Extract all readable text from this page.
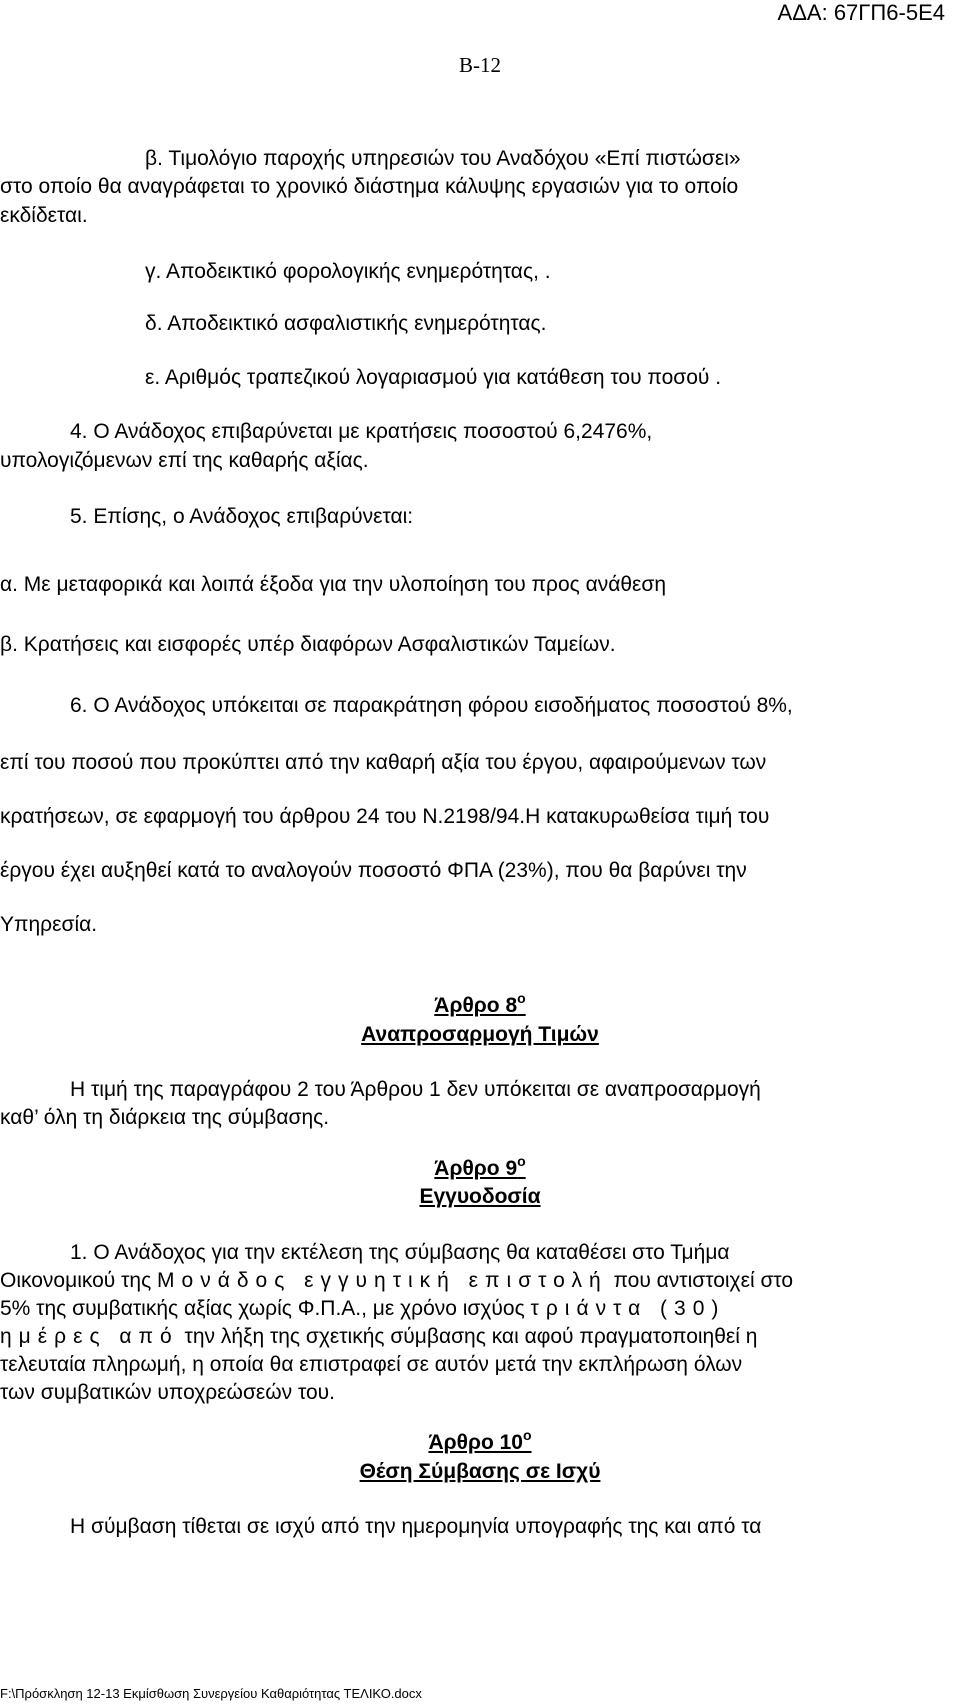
ΑΔΑ: 67ΓΠ6-5Ε4
Β-12
β. Τιμολόγιο παροχής υπηρεσιών του Αναδόχου «Επί πιστώσει»
στο οποίο θα αναγράφεται το χρονικό διάστημα κάλυψης εργασιών για το οποίο
εκδίδεται.
γ. Αποδεικτικό φορολογικής ενημερότητας, .
δ. Αποδεικτικό ασφαλιστικής ενημερότητας.
ε. Αριθμός τραπεζικού λογαριασμού για κατάθεση του ποσού .
4. Ο Ανάδοχος επιβαρύνεται με κρατήσεις ποσοστού 6,2476%,
υπολογιζόμενων επί της καθαρής αξίας.
5. Επίσης, ο Ανάδοχος επιβαρύνεται:
α. Με μεταφορικά και λοιπά έξοδα για την υλοποίηση του προς ανάθεση
β. Κρατήσεις και εισφορές υπέρ διαφόρων Ασφαλιστικών Ταμείων.
6. Ο Ανάδοχος υπόκειται σε παρακράτηση φόρου εισοδήματος ποσοστού 8%,
επί του ποσού που προκύπτει από την καθαρή αξία του έργου, αφαιρούμενων των
κρατήσεων, σε εφαρμογή του άρθρου 24 του Ν.2198/94.Η κατακυρωθείσα τιμή του
έργου έχει αυξηθεί κατά το αναλογούν ποσοστό ΦΠΑ (23%), που θα βαρύνει την
Υπηρεσία.
Άρθρο $8^o$
Αναπροσαρμογή Τιμών
Η τιμή της παραγράφου 2 του Άρθρου 1 δεν υπόκειται σε αναπροσαρμογή
καθ’ όλη τη διάρκεια της σύμβασης.
Άρθρο $9^o$
Εγγυοδοσία
1. Ο Ανάδοχος για την εκτέλεση της σύμβασης θα καταθέσει στο Τμήμα
Οικονομικού της Μονάδος εγγυητική επιστολή που αντιστοιχεί στο
5% της συμβατικής αξίας χωρίς Φ.Π.Α., με χρόνο ισχύος τριάντα (30)
ημέρες από την λήξη της σχετικής σύμβασης και αφού πραγματοποιηθεί η
τελευταία πληρωμή, η οποία θα επιστραφεί σε αυτόν μετά την εκπλήρωση όλων
των συμβατικών υποχρεώσεών του.
Άρθρο $10^o$
Θέση Σύμβασης σε Ισχύ
Η σύμβαση τίθεται σε ισχύ από την ημερομηνία υπογραφής της και από τα
F:\Πρόσκληση 12-13 Εκμίσθωση Συνεργείου Καθαριότητας ΤΕΛΙΚΟ.docx
